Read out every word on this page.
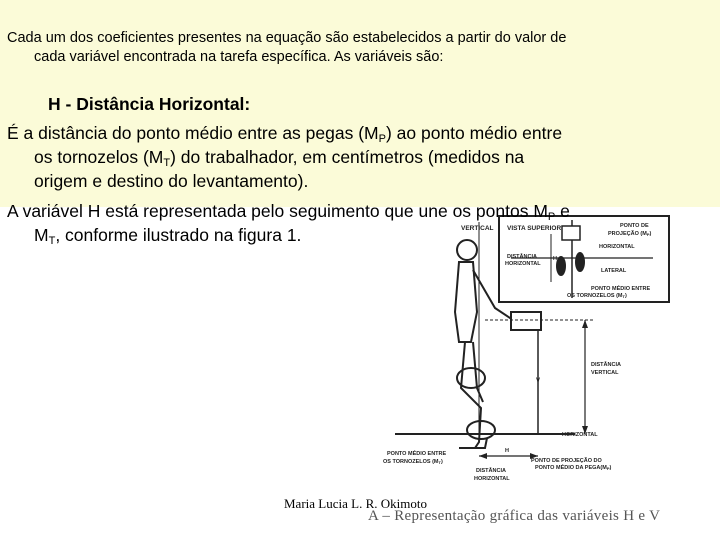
Cada um dos coeficientes presentes na equação são estabelecidos a partir do valor de
cada variável encontrada na tarefa específica. As variáveis são:
H - Distância Horizontal:
É a distância do ponto médio entre as pegas $(M_P)$ ao ponto médio entre
os tornozelos $(M_T)$ do trabalhador, em centímetros (medidos na
origem e destino do levantamento).
A variável H está representada pelo seguimento que une os pontos $M_P$ e
$M_T$, conforme ilustrado na figura 1.	VERTICAL VISTA SUPERIOR	PONTO DE
PROJEÇÃO (MP)
HORIZONTAL
DISTÂNCIA
HORIZONTAL
H
LATERAL
PONTO MÉDIO ENTRE
OS TORNOZELOS (MT)
V
DISTÂNCIA
VERTICAL
HORIZONTAL
H
PONTO MÉDIO ENTRE
OS TORNOZELOS (MT)	PONTO DE PROJEÇÃO DO
PONTO MÉDIO DA PEGA(MP)
DISTÂNCIA
HORIZONTAL
Maria Lucia L. R. Okimoto
A – Representação gráfica das variáveis H e V
